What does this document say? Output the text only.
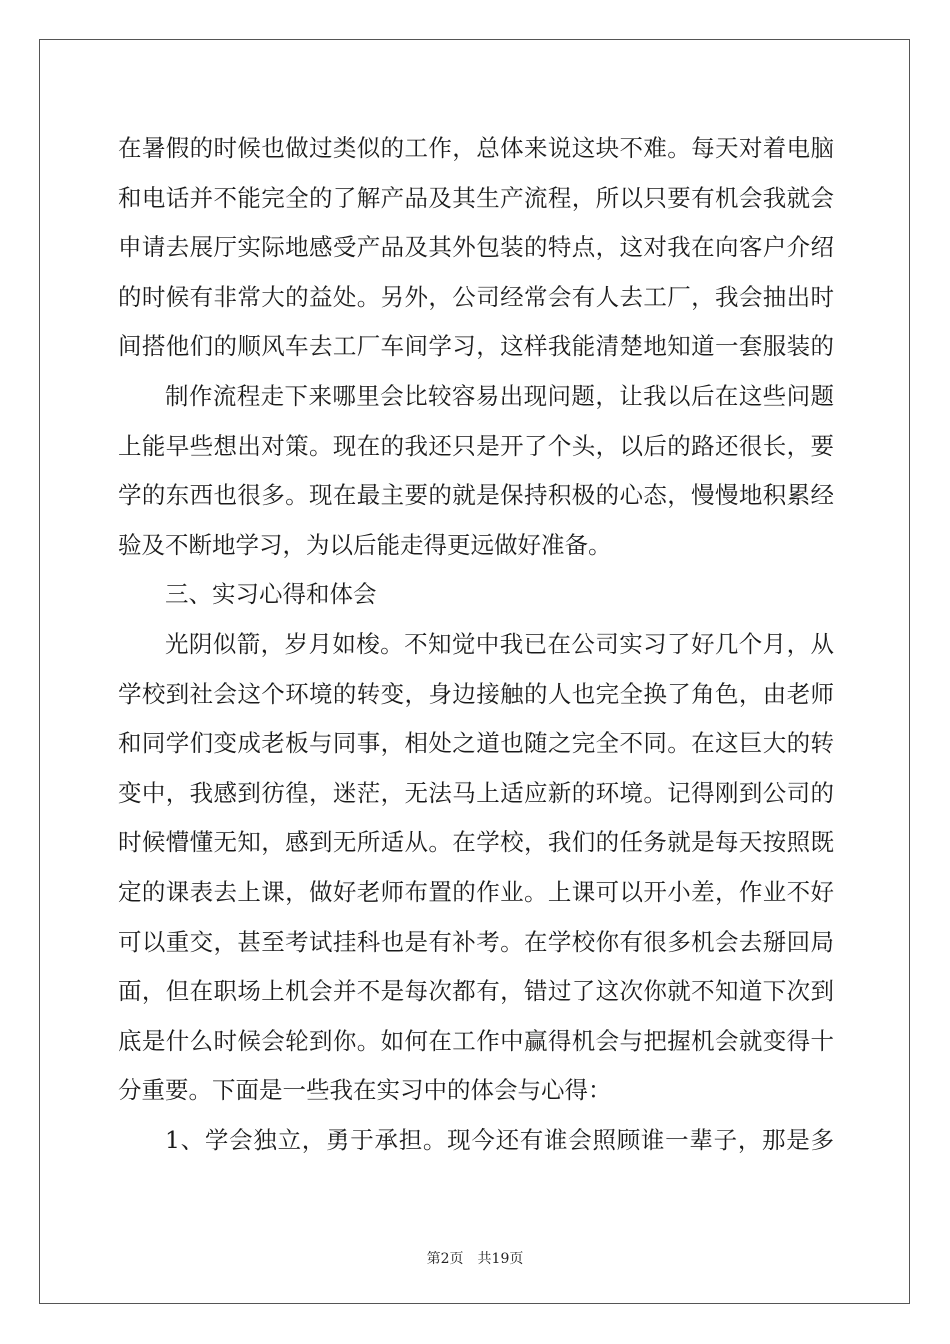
在暑假的时候也做过类似的工作，总体来说这块不难。每天对着电脑
和电话并不能完全的了解产品及其生产流程，所以只要有机会我就会
申请去展厅实际地感受产品及其外包装的特点，这对我在向客户介绍
的时候有非常大的益处。另外，公司经常会有人去工厂，我会抽出时
间搭他们的顺风车去工厂车间学习，这样我能清楚地知道一套服装的
制作流程走下来哪里会比较容易出现问题，让我以后在这些问题
上能早些想出对策。现在的我还只是开了个头，以后的路还很长，要
学的东西也很多。现在最主要的就是保持积极的心态，慢慢地积累经
验及不断地学习，为以后能走得更远做好准备。
三、实习心得和体会
光阴似箭，岁月如梭。不知觉中我已在公司实习了好几个月，从
学校到社会这个环境的转变，身边接触的人也完全换了角色，由老师
和同学们变成老板与同事，相处之道也随之完全不同。在这巨大的转
变中，我感到彷徨，迷茫，无法马上适应新的环境。记得刚到公司的
时候懵懂无知，感到无所适从。在学校，我们的任务就是每天按照既
定的课表去上课，做好老师布置的作业。上课可以开小差，作业不好
可以重交，甚至考试挂科也是有补考。在学校你有很多机会去掰回局
面，但在职场上机会并不是每次都有，错过了这次你就不知道下次到
底是什么时候会轮到你。如何在工作中赢得机会与把握机会就变得十
分重要。下面是一些我在实习中的体会与心得：
1、学会独立，勇于承担。现今还有谁会照顾谁一辈子，那是多
第2页 共19页
